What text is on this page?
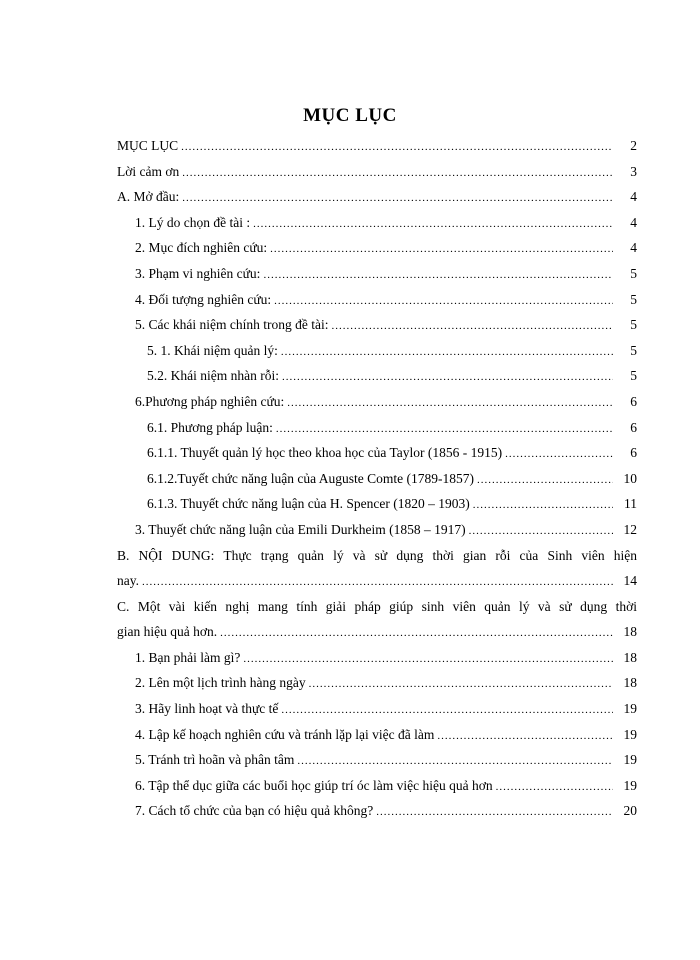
MỤC LỤC
MỤC LỤC .....	2
Lời cảm ơn .....	3
A. Mở đầu: .....	4
1. Lý do chọn đề tài : .....	4
2. Mục đích nghiên cứu: .....	4
3. Phạm vi nghiên cứu: .....	5
4. Đối tượng nghiên cứu: .....	5
5. Các khái niệm chính trong đề tài: .....	5
5. 1. Khái niệm quản lý: .....	5
5.2. Khái niệm nhàn rỗi: .....	5
6.Phương pháp nghiên cứu: .....	6
6.1. Phương pháp luận: .....	6
6.1.1. Thuyết quản lý học theo khoa học của Taylor (1856 - 1915) .....	6
6.1.2.Tuyết chức năng luận của Auguste Comte (1789-1857) .....	10
6.1.3. Thuyết chức năng luận của H. Spencer (1820 – 1903) .....	11
3. Thuyết chức năng luận của Emili Durkheim (1858 – 1917) .....	12
B. NỘI DUNG: Thực trạng quản lý và sử dụng thời gian rỗi của Sinh viên hiện
nay. .....	14
C. Một vài kiến nghị mang tính giải pháp giúp sinh viên quản lý và sử dụng thời
gian hiệu quả hơn. .....	18
1. Bạn phải làm gì? .....	18
2. Lên một lịch trình hàng ngày .....	18
3. Hãy linh hoạt và thực tế .....	19
4. Lập kế hoạch nghiên cứu và tránh lặp lại việc đã làm .....	19
5. Tránh trì hoãn và phân tâm .....	19
6. Tập thể dục giữa các buổi học giúp trí óc làm việc hiệu quả hơn .....	19
7. Cách tổ chức của bạn có hiệu quả không? .....	20
